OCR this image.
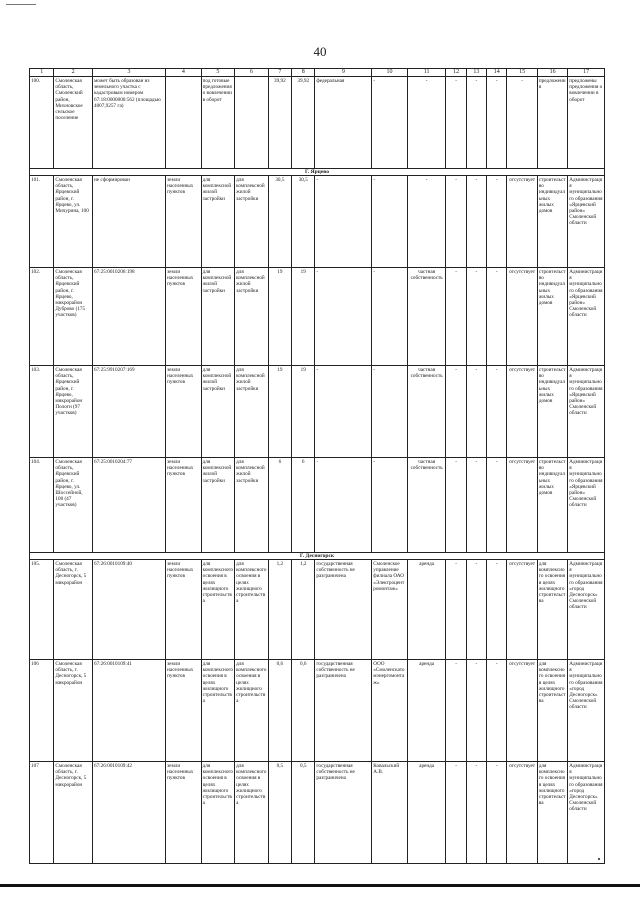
40
1	2	3	4	5	6	7	8	9	10	11	12	13	14	15	16	17
100.	Смоленская область, Смоленский район, Михновское сельское поселение	может быть образован из земельного участка с кадастровым номером 67:18:0000000:562 (площадью 4007,9257 га)		под готовые предложения о вовлечении в оборот		39,92	39,92	федеральная	-	-	-	-	-	-	предложения	предложены предложения о вовлечении в оборот
Г. Ярцево																
101.	Смоленская область, Ярцевский район, г. Ярцево, ул. Мичурина, 100	не сформирован	земли населенных пунктов	для комплексной жилой застройки	для комплексной жилой застройки	30,5	30,5	-	-	-	-	-	-	отсутствует	строительство индивидуальных жилых домов	Администрация муниципального образования «Ярцевский район» Смоленской области
102.	Смоленская область, Ярцевский район, г. Ярцево, микрорайон Дуброво (175 участков)	67:25:0010206:198	земли населенных пунктов	для комплексной жилой застройки	для комплексной жилой застройки	19	19	-	-	частная собственность	-	-	-	отсутствует	строительство индивидуальных жилых домов	Администрация муниципального образования «Ярцевский район» Смоленской области
103.	Смоленская область, Ярцевский район, г. Ярцево, микрорайон Пологи (97 участков)	67:25:9910207:169	земли населенных пунктов	для комплексной жилой застройки	для комплексной жилой застройки	19	19	-	-	частная собственность	-	-	-	отсутствует	строительство индивидуальных жилых домов	Администрация муниципального образования «Ярцевский район» Смоленской области
104.	Смоленская область, Ярцевский район, г. Ярцево, ул. Шоссейной, 100 (47 участков)	67:25:0010204:77	земли населенных пунктов	для комплексной жилой застройки	для комплексной жилой застройки	6	6	-	-	частная собственность	-	-	-	отсутствует	строительство индивидуальных жилых домов	Администрация муниципального образования «Ярцевский район» Смоленской области
Г. Десногорск																
105.	Смоленская область, г. Десногорск, 5 микрорайон	67:26:0010109:40	земли населенных пунктов	для комплексного освоения в целях жилищного строительства	для комплексного освоения в целях жилищного строительства	1,2	1,2	государственная собственность не разграничена	Смоленское управление филиала ОАО «Электроцентромонтаж»	аренда	-	-	-	отсутствует	для комплексного освоения в целях жилищного строительства	Администрация муниципального образования «город Десногорск» Смоленской области
106	Смоленская область, г. Десногорск, 5 микрорайон	67:26:0010109:41	земли населенных пунктов	для комплексного освоения в целях жилищного строительства	для комплексного освоения в целях жилищного строительства	0,6	0,6	государственная собственность не разграничена	ООО «Смоленскатомэнергомонтаж»	аренда	-	-	-	отсутствует	для комплексного освоения в целях жилищного строительства	Администрация муниципального образования «город Десногорск» Смоленской области
107	Смоленская область, г. Десногорск, 5 микрорайон	67:26:0010109:42	земли населенных пунктов	для комплексного освоения в целях жилищного строительства	для комплексного освоения в целях жилищного строительства	0,5	0,5	государственная собственность не разграничена	Ковальский А.В.	аренда	-	-	-	отсутствует	для комплексного освоения в целях жилищного строительства	Администрация муниципального образования «город Десногорск» Смоленской области
